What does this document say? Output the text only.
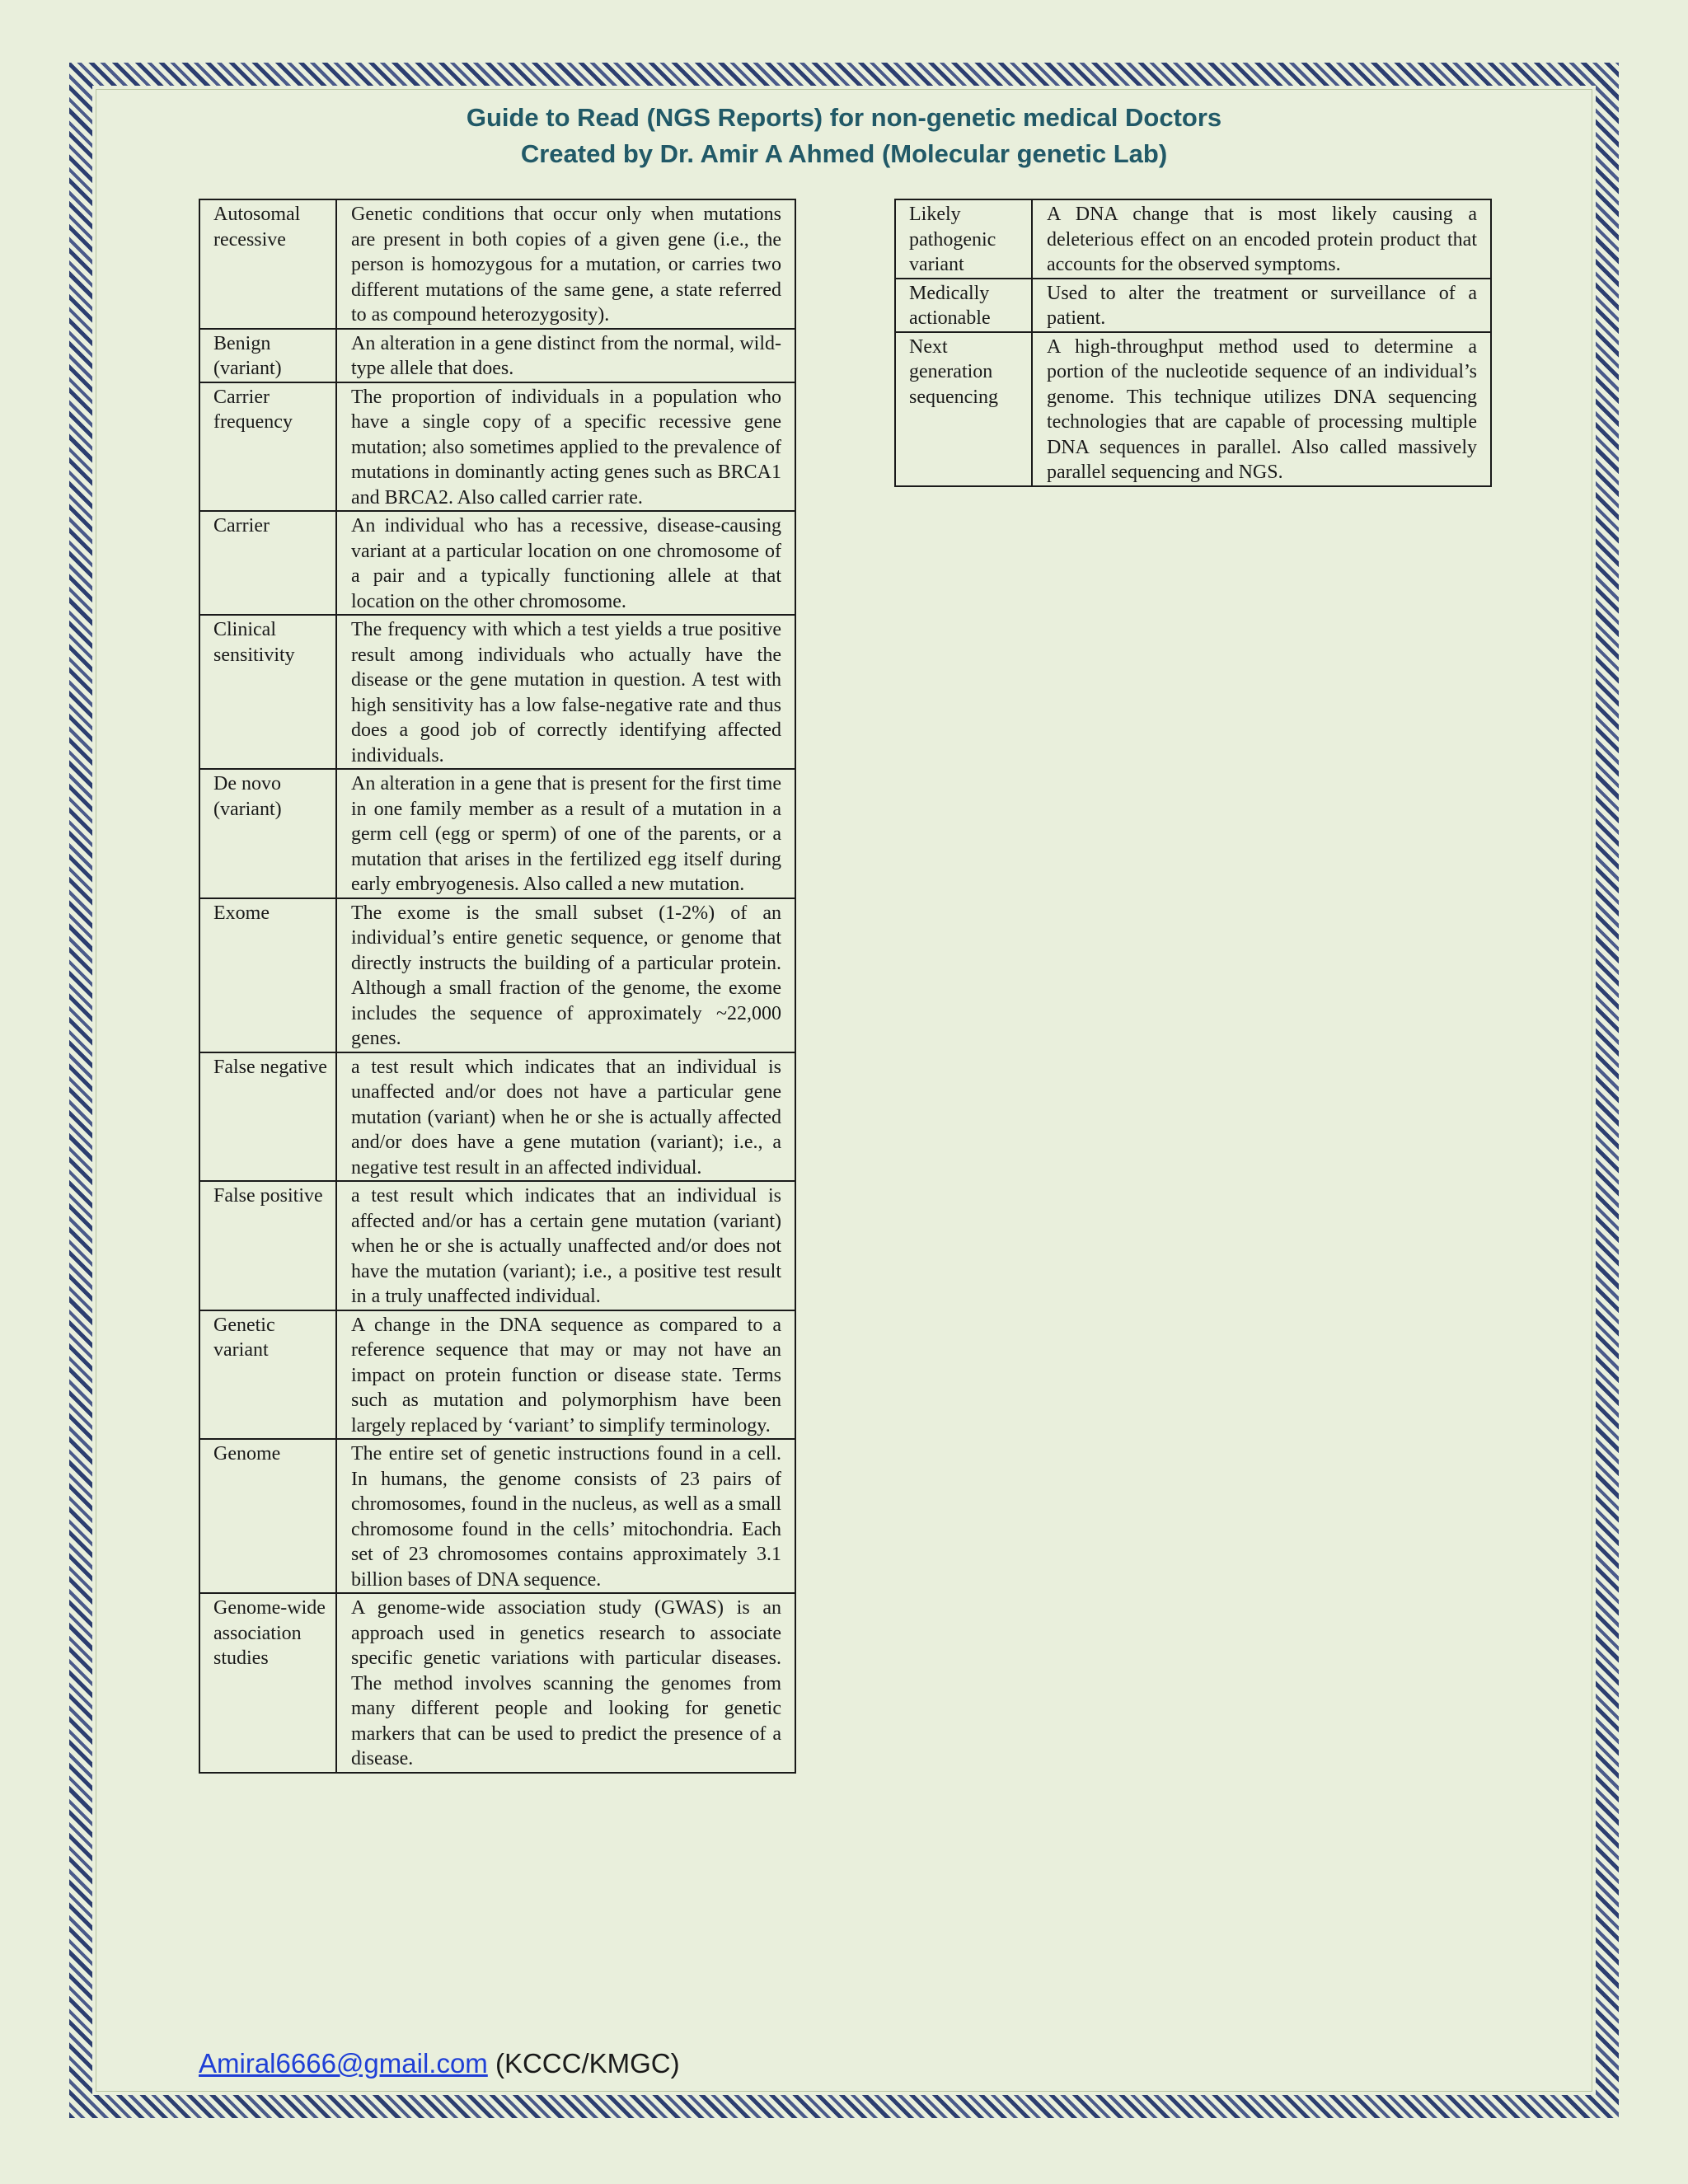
Guide to Read (NGS Reports) for non-genetic medical Doctors
Created by Dr. Amir A Ahmed (Molecular genetic Lab)
Autosomal recessive	Genetic conditions that occur only when mutations are present in both copies of a given gene (i.e., the person is homozygous for a mutation, or carries two different mutations of the same gene, a state referred to as compound heterozygosity).
Benign (variant)	An alteration in a gene distinct from the normal, wild-type allele that does.
Carrier frequency	The proportion of individuals in a population who have a single copy of a specific recessive gene mutation; also sometimes applied to the prevalence of mutations in dominantly acting genes such as BRCA1 and BRCA2. Also called carrier rate.
Carrier	An individual who has a recessive, disease-causing variant at a particular location on one chromosome of a pair and a typically functioning allele at that location on the other chromosome.
Clinical sensitivity	The frequency with which a test yields a true positive result among individuals who actually have the disease or the gene mutation in question. A test with high sensitivity has a low false-negative rate and thus does a good job of correctly identifying affected individuals.
De novo (variant)	An alteration in a gene that is present for the first time in one family member as a result of a mutation in a germ cell (egg or sperm) of one of the parents, or a mutation that arises in the fertilized egg itself during early embryogenesis. Also called a new mutation.
Exome	The exome is the small subset (1-2%) of an individual’s entire genetic sequence, or genome that directly instructs the building of a particular protein. Although a small fraction of the genome, the exome includes the sequence of approximately ~22,000 genes.
False negative	a test result which indicates that an individual is unaffected and/or does not have a particular gene mutation (variant) when he or she is actually affected and/or does have a gene mutation (variant); i.e., a negative test result in an affected individual.
False positive	a test result which indicates that an individual is affected and/or has a certain gene mutation (variant) when he or she is actually unaffected and/or does not have the mutation (variant); i.e., a positive test result in a truly unaffected individual.
Genetic variant	A change in the DNA sequence as compared to a reference sequence that may or may not have an impact on protein function or disease state. Terms such as mutation and polymorphism have been largely replaced by ‘variant’ to simplify terminology.
Genome	The entire set of genetic instructions found in a cell. In humans, the genome consists of 23 pairs of chromosomes, found in the nucleus, as well as a small chromosome found in the cells’ mitochondria. Each set of 23 chromosomes contains approximately 3.1 billion bases of DNA sequence.
Genome-wide association studies	A genome-wide association study (GWAS) is an approach used in genetics research to associate specific genetic variations with particular diseases. The method involves scanning the genomes from many different people and looking for genetic markers that can be used to predict the presence of a disease.
Likely pathogenic variant	A DNA change that is most likely causing a deleterious effect on an encoded protein product that accounts for the observed symptoms.
Medically actionable	Used to alter the treatment or surveillance of a patient.
Next generation sequencing	A high-throughput method used to determine a portion of the nucleotide sequence of an individual’s genome. This technique utilizes DNA sequencing technologies that are capable of processing multiple DNA sequences in parallel. Also called massively parallel sequencing and NGS.
Amiral6666@gmail.com (KCCC/KMGC)
